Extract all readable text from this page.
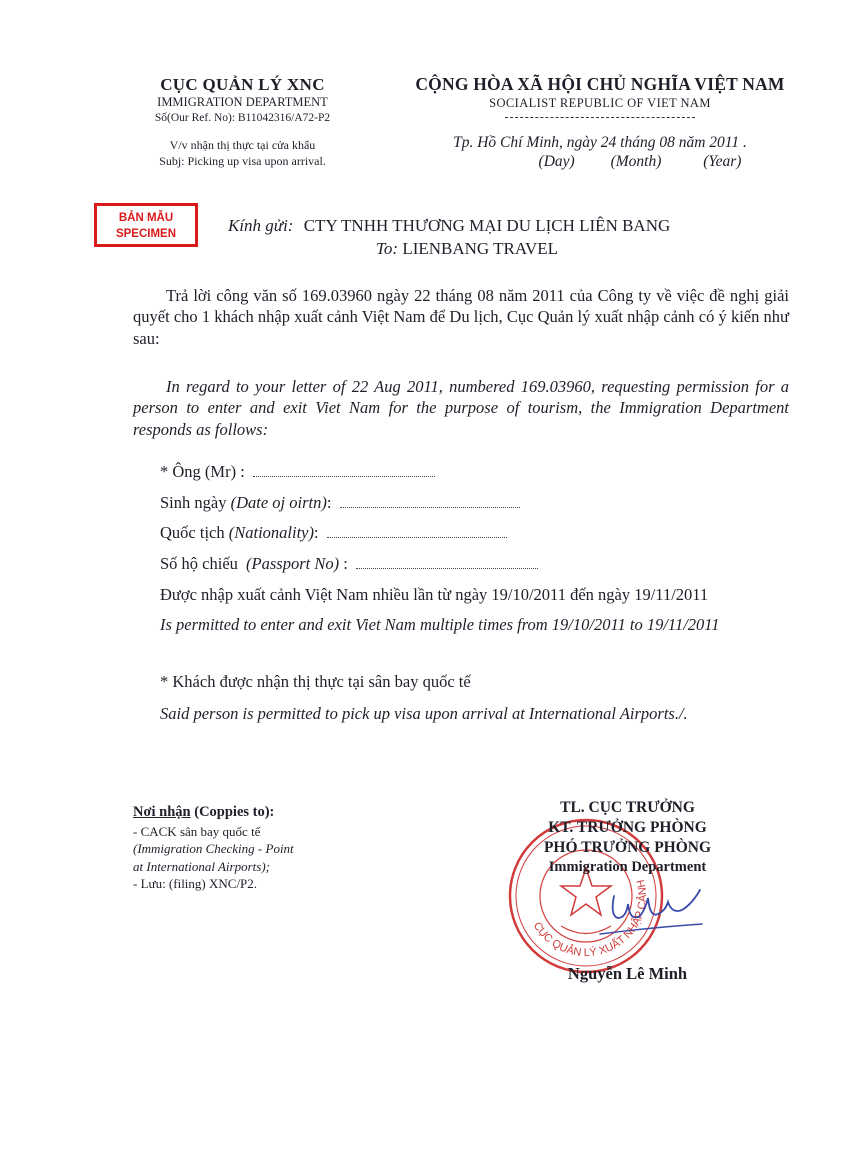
CỤC QUẢN LÝ XNC
IMMIGRATION DEPARTMENT
Số(Our Ref. No): B11042316/A72-P2
V/v nhận thị thực tại cửa khẩu
Subj: Picking up visa upon arrival.
CỘNG HÒA XÃ HỘI CHỦ NGHĨA VIỆT NAM
SOCIALIST REPUBLIC OF VIET NAM
Tp. Hồ Chí Minh, ngày 24 tháng 08 năm 2011 .
(Day) (Month)	(Year)
BẢN MẪU
SPECIMEN	Kính gửi: CTY TNHH THƯƠNG MẠI DU LỊCH LIÊN BANG
To: LIENBANG TRAVEL
Trả lời công văn số 169.03960 ngày 22 tháng 08 năm 2011 của Công ty về việc đề nghị giải quyết cho 1 khách nhập xuất cảnh Việt Nam để Du lịch, Cục Quản lý xuất nhập cảnh có ý kiến như sau:
In regard to your letter of 22 Aug 2011, numbered 169.03960, requesting permission for a person to enter and exit Viet Nam for the purpose of tourism, the Immigration Department responds as follows:
* Ông (Mr) :
Sinh ngày (Date oj oirtn):
Quốc tịch (Nationality):
Số hộ chiếu (Passport No) :
Được nhập xuất cảnh Việt Nam nhiều lần từ ngày 19/10/2011 đến ngày 19/11/2011
Is permitted to enter and exit Viet Nam multiple times from 19/10/2011 to 19/11/2011
* Khách được nhận thị thực tại sân bay quốc tế
Said person is permitted to pick up visa upon arrival at International Airports./.
Nơi nhận (Coppies to):
- CACK sân bay quốc tế
(Immigration Checking - Point
at International Airports);
- Lưu: (filing) XNC/P2.
CỤC QUẢN LÝ XUẤT NHẬP CẢNH
TL. CỤC TRƯỞNG
KT. TRƯỞNG PHÒNG
PHÓ TRƯỞNG PHÒNG
Immigration Department
Nguyễn Lê Minh
